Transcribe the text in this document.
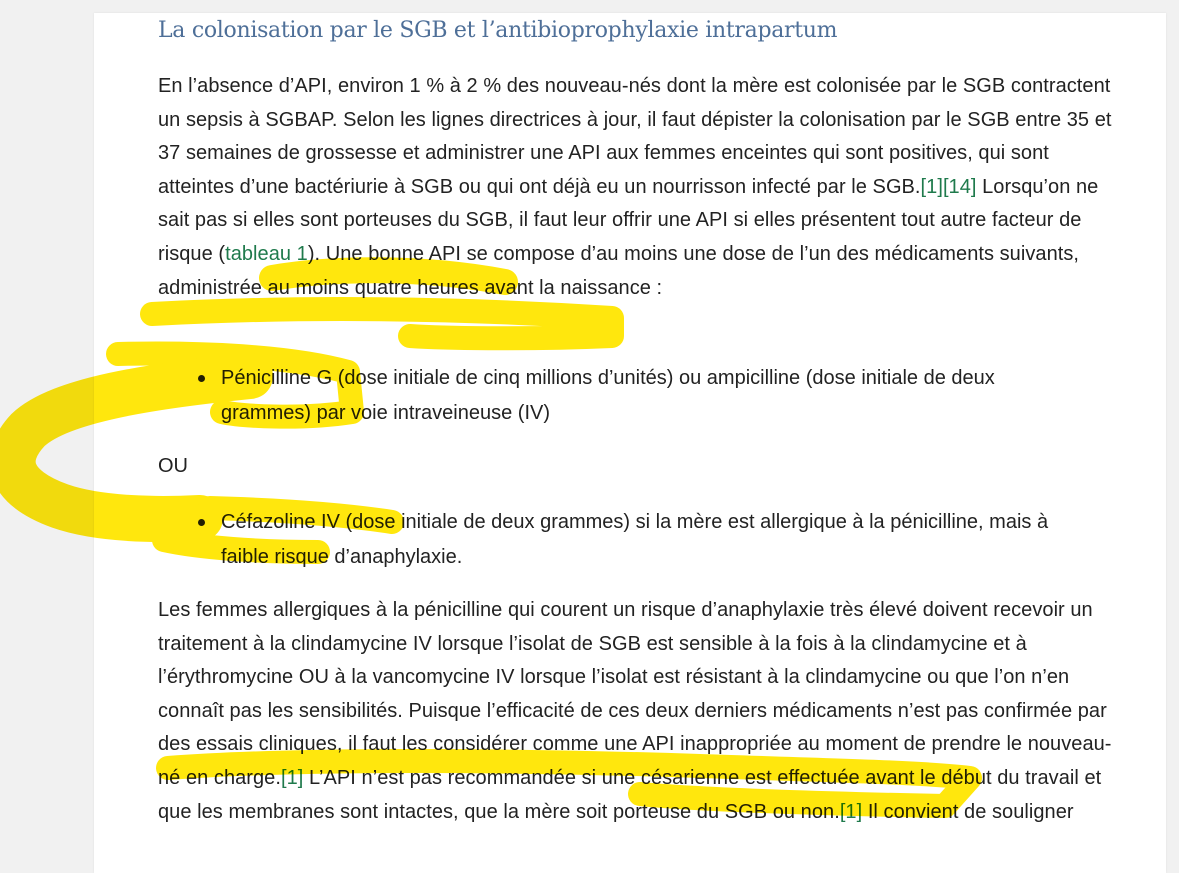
La colonisation par le SGB et l’antibioprophylaxie intrapartum

En l’absence d’API, environ 1 % à 2 % des nouveau-nés dont la mère est colonisée par le SGB contractent un sepsis à SGBAP. Selon les lignes directrices à jour, il faut dépister la colonisation par le SGB entre 35 et 37 semaines de grossesse et administrer une API aux femmes enceintes qui sont positives, qui sont atteintes d’une bactériurie à SGB ou qui ont déjà eu un nourrisson infecté par le SGB.[1][14] Lorsqu’on ne sait pas si elles sont porteuses du SGB, il faut leur offrir une API si elles présentent tout autre facteur de risque (tableau 1). Une bonne API se compose d’au moins une dose de l’un des médicaments suivants, administrée au moins quatre heures avant la naissance :

Pénicilline G (dose initiale de cinq millions d’unités) ou ampicilline (dose initiale de deux grammes) par voie intraveineuse (IV)
OU
Céfazoline IV (dose initiale de deux grammes) si la mère est allergique à la pénicilline, mais à faible risque d’anaphylaxie.

Les femmes allergiques à la pénicilline qui courent un risque d’anaphylaxie très élevé doivent recevoir un traitement à la clindamycine IV lorsque l’isolat de SGB est sensible à la fois à la clindamycine et à l’érythromycine OU à la vancomycine IV lorsque l’isolat est résistant à la clindamycine ou que l’on n’en connaît pas les sensibilités. Puisque l’efficacité de ces deux derniers médicaments n’est pas confirmée par des essais cliniques, il faut les considérer comme une API inappropriée au moment de prendre le nouveau-né en charge.[1] L’API n’est pas recommandée si une césarienne est effectuée avant le début du travail et que les membranes sont intactes, que la mère soit porteuse du SGB ou non.[1] Il convient de souligner
